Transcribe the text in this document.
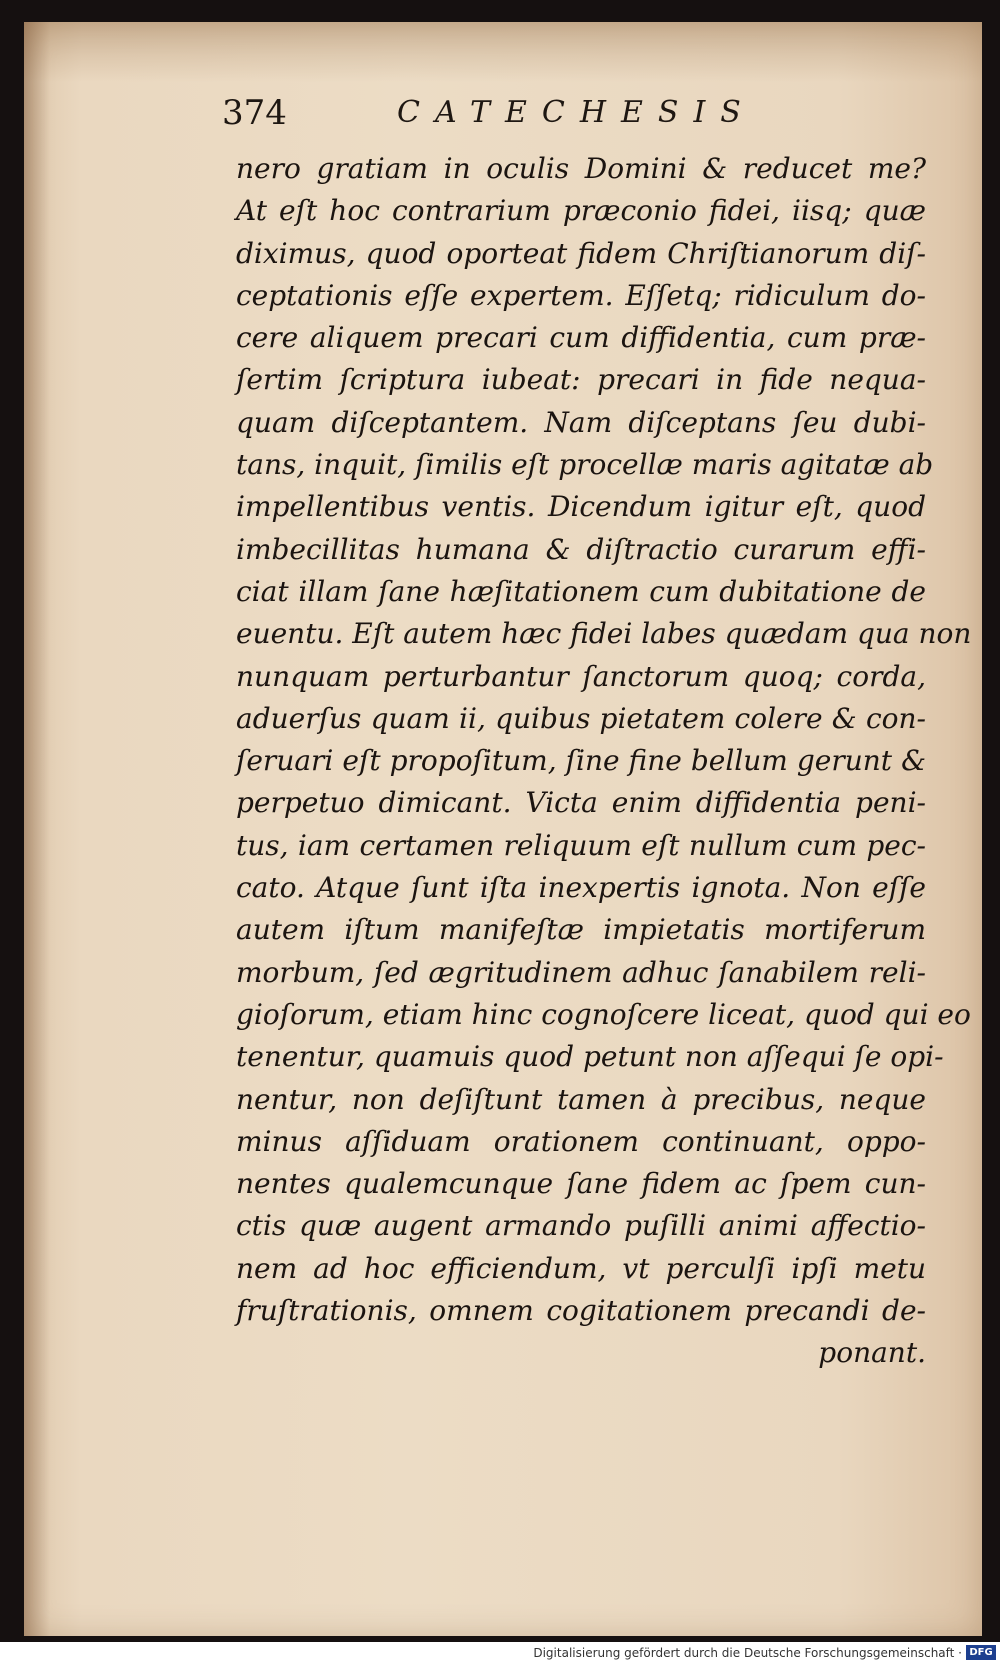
374	CATECHESIS
nero gratiam in oculis Domini & reducet me?
At eſt hoc contrarium præconio fidei, iisq; quæ
diximus, quod oporteat fidem Chriſtianorum diſ-
ceptationis eſſe expertem. Eſſetq; ridiculum do-
cere aliquem precari cum diffidentia, cum præ-
ſertim ſcriptura iubeat: precari in fide nequa-
quam diſceptantem. Nam diſceptans ſeu dubi-
tans, inquit, ſimilis eſt procellæ maris agitatæ ab
impellentibus ventis. Dicendum igitur eſt, quod
imbecillitas humana & diſtractio curarum effi-
ciat illam ſane hæſitationem cum dubitatione de
euentu. Eſt autem hæc fidei labes quædam qua non
nunquam perturbantur ſanctorum quoq; corda,
aduerſus quam ii, quibus pietatem colere & con-
ſeruari eſt propoſitum, ſine fine bellum gerunt &
perpetuo dimicant. Victa enim diffidentia peni-
tus, iam certamen reliquum eſt nullum cum pec-
cato. Atque ſunt iſta inexpertis ignota. Non eſſe
autem iſtum manifeſtæ impietatis mortiferum
morbum, ſed ægritudinem adhuc ſanabilem reli-
gioſorum, etiam hinc cognoſcere liceat, quod qui eo
tenentur, quamuis quod petunt non aſſequi ſe opi-
nentur, non deſiſtunt tamen à precibus, neque
minus aſſiduam orationem continuant, oppo-
nentes qualemcunque ſane fidem ac ſpem cun-
ctis quæ augent armando puſilli animi affectio-
nem ad hoc efficiendum, vt perculſi ipſi metu
fruſtrationis, omnem cogitationem precandi de-
ponant.
Digitalisierung gefördert durch die Deutsche Forschungsgemeinschaft · DFG
